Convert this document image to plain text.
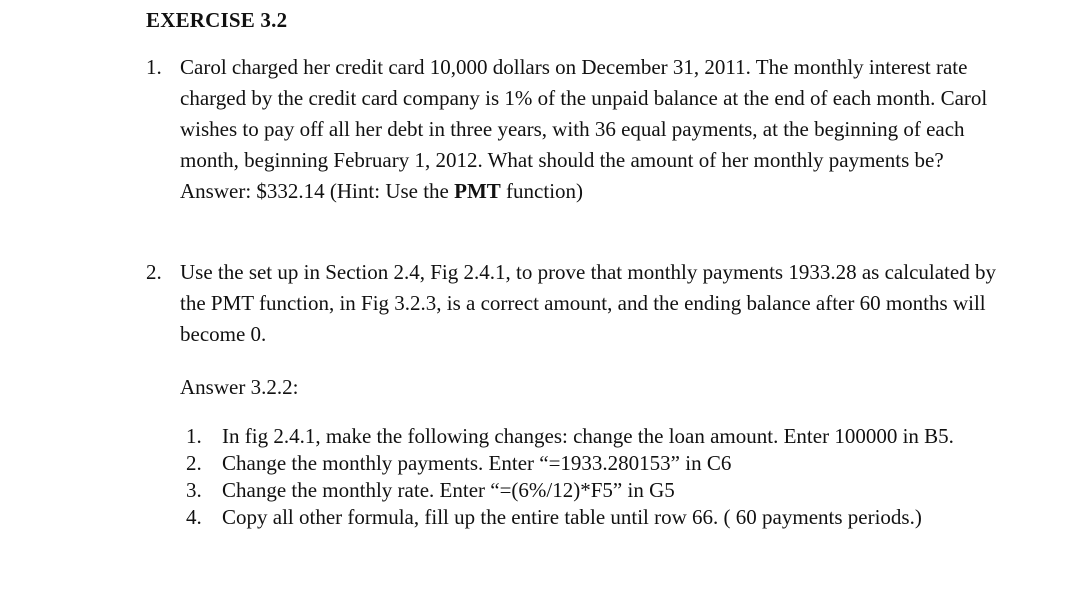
EXERCISE 3.2
1. Carol charged her credit card 10,000 dollars on December 31, 2011. The monthly interest rate charged by the credit card company is 1% of the unpaid balance at the end of each month. Carol wishes to pay off all her debt in three years, with 36 equal payments, at the beginning of each month, beginning February 1, 2012. What should the amount of her monthly payments be? Answer: $332.14 (Hint: Use the PMT function)
2. Use the set up in Section 2.4, Fig 2.4.1, to prove that monthly payments 1933.28 as calculated by the PMT function, in Fig 3.2.3, is a correct amount, and the ending balance after 60 months will become 0.
Answer 3.2.2:
1. In fig 2.4.1, make the following changes: change the loan amount. Enter 100000 in B5.
2. Change the monthly payments. Enter “=1933.280153” in C6
3. Change the monthly rate. Enter “=(6%/12)*F5” in G5
4. Copy all other formula, fill up the entire table until row 66. ( 60 payments periods.)
